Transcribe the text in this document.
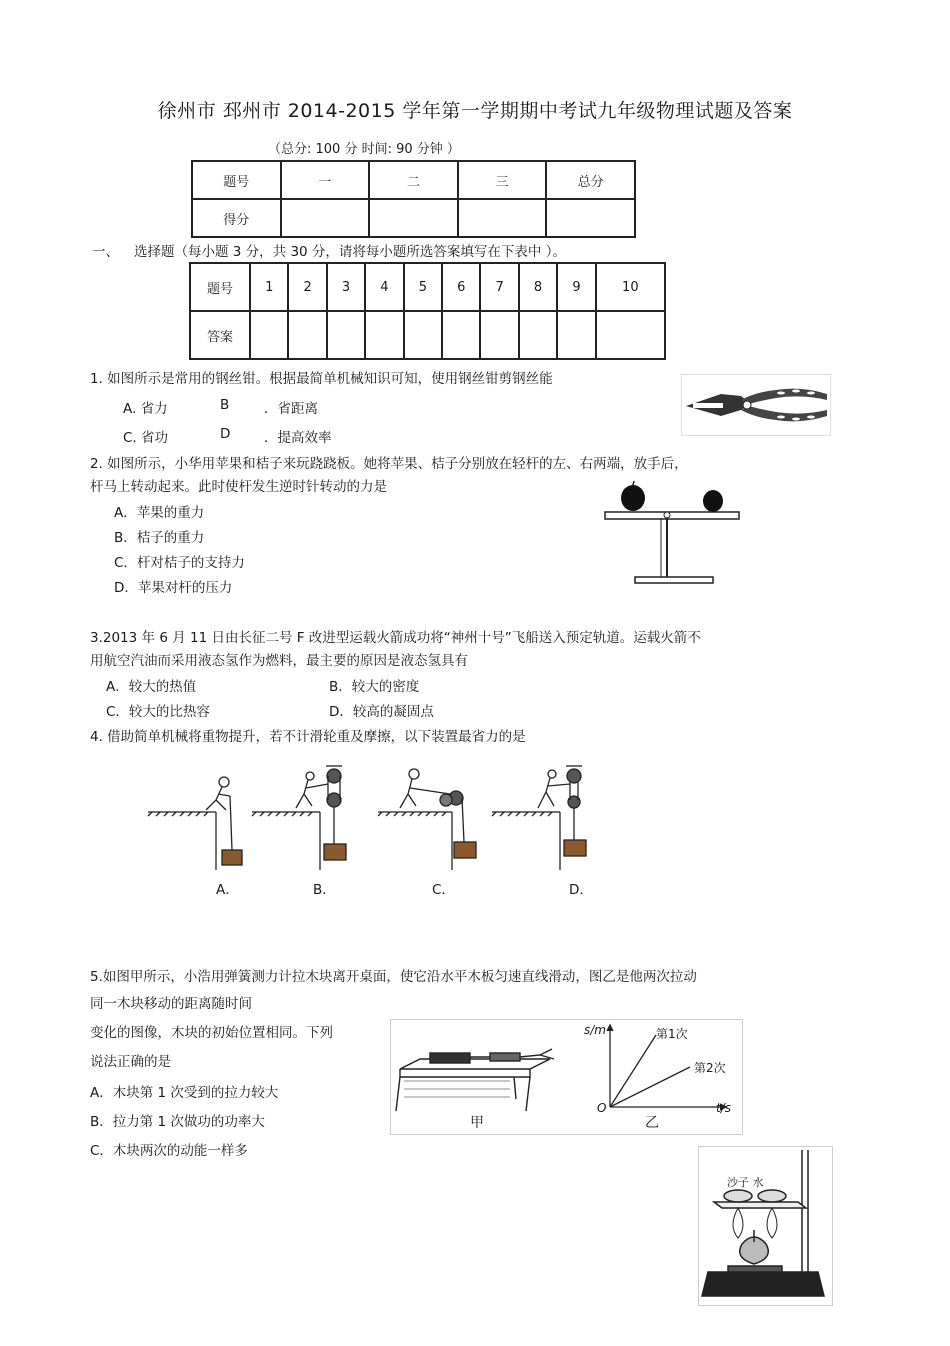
徐州市 邳州市 2014-2015 学年第一学期期中考试九年级物理试题及答案
（总分: 100 分 时间: 90 分钟 ）
题号	一	二	三	总分
得分				
一、 选择题（每小题 3 分，共 30 分，请将每小题所选答案填写在下表中 ）。
题号	1	2	3	4	5	6	7	8	9	10
答案										
1. 如图所示是常用的钢丝钳。根据最简单机械知识可知，使用钢丝钳剪钢丝能
A. 省力	B	．省距离
C. 省功	D ．提高效率
2. 如图所示，小华用苹果和桔子来玩跷跷板。她将苹果、桔子分别放在轻杆的左、右两端，放手后，
杆马上转动起来。此时使杆发生逆时针转动的力是
A．苹果的重力
B．桔子的重力
C．杆对桔子的支持力
D．苹果对杆的压力
3.2013 年 6 月 11 日由长征二号 F 改进型运载火箭成功将“神州十号”飞船送入预定轨道。运载火箭不
用航空汽油而采用液态氢作为燃料，最主要的原因是液态氢具有
A．较大的热值	B．较大的密度
C．较大的比热容	D．较高的凝固点
4. 借助简单机械将重物提升，若不计滑轮重及摩擦，以下装置最省力的是
A．	B．	C．	D．
5.如图甲所示，小浩用弹簧测力计拉木块离开桌面，使它沿水平木板匀速直线滑动，图乙是他两次拉动
同一木块移动的距离随时间
变化的图像，木块的初始位置相同。下列
说法正确的是
A．木块第 1 次受到的拉力较大
B．拉力第 1 次做功的功率大
C．木块两次的动能一样多
甲	乙
s/m
t/s
O
第1次
第2次
沙子 水
